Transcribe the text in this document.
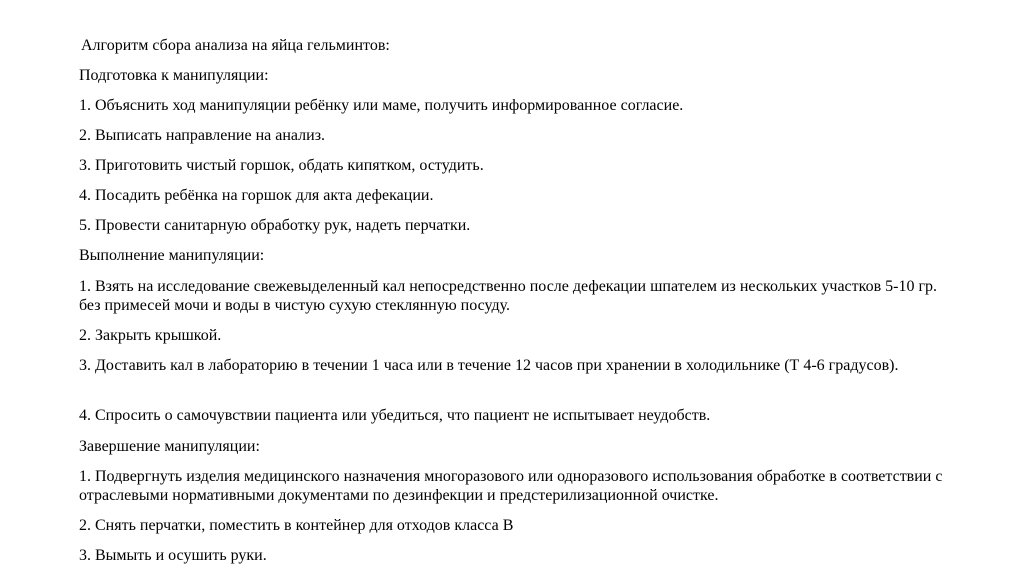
Алгоритм сбора анализа на яйца гельминтов:

Подготовка к манипуляции:

1. Объяснить ход манипуляции ребёнку или маме, получить информированное согласие.

2. Выписать направление на анализ.

3. Приготовить чистый горшок, обдать кипятком, остудить.

4. Посадить ребёнка на горшок для акта дефекации.

5. Провести санитарную обработку рук, надеть перчатки.

Выполнение манипуляции:

1. Взять на исследование свежевыделенный кал непосредственно после дефекации шпателем из нескольких участков 5-10 гр. без примесей мочи и воды в чистую сухую стеклянную посуду.

2. Закрыть крышкой.

3. Доставить кал в лабораторию в течении 1 часа или в течение 12 часов при хранении в холодильнике (Т 4-6 градусов).

4. Спросить о самочувствии пациента или убедиться, что пациент не испытывает неудобств.

Завершение манипуляции:

1. Подвергнуть изделия медицинского назначения многоразового или одноразового использования обработке в соответствии с отраслевыми нормативными документами по дезинфекции и предстерилизационной очистке.

2. Снять перчатки, поместить в контейнер для отходов класса В

3. Вымыть и осушить руки.
